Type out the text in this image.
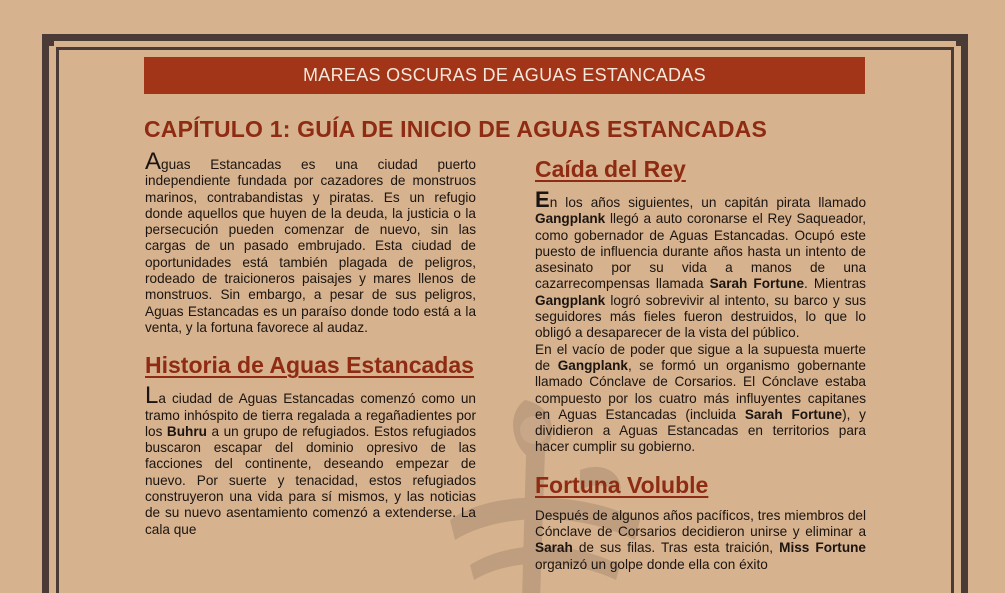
MAREAS OSCURAS DE AGUAS ESTANCADAS
CAPÍTULO 1: GUÍA DE INICIO DE AGUAS ESTANCADAS

Aguas Estancadas es una ciudad puerto independiente fundada por cazadores de monstruos marinos, contrabandistas y piratas. Es un refugio donde aquellos que huyen de la deuda, la justicia o la persecución pueden comenzar de nuevo, sin las cargas de un pasado embrujado. Esta ciudad de oportunidades está también plagada de peligros, rodeado de traicioneros paisajes y mares llenos de monstruos. Sin embargo, a pesar de sus peligros, Aguas Estancadas es un paraíso donde todo está a la venta, y la fortuna favorece al audaz.

Historia de Aguas Estancadas

La ciudad de Aguas Estancadas comenzó como un tramo inhóspito de tierra regalada a regañadientes por los Buhru a un grupo de refugiados. Estos refugiados buscaron escapar del dominio opresivo de las facciones del continente, deseando empezar de nuevo. Por suerte y tenacidad, estos refugiados construyeron una vida para sí mismos, y las noticias de su nuevo asentamiento comenzó a extenderse. La cala que

Caída del Rey

En los años siguientes, un capitán pirata llamado Gangplank llegó a auto coronarse el Rey Saqueador, como gobernador de Aguas Estancadas. Ocupó este puesto de influencia durante años hasta un intento de asesinato por su vida a manos de una cazarrecompensas llamada Sarah Fortune. Mientras Gangplank logró sobrevivir al intento, su barco y sus seguidores más fieles fueron destruidos, lo que lo obligó a desaparecer de la vista del público.

En el vacío de poder que sigue a la supuesta muerte de Gangplank, se formó un organismo gobernante llamado Cónclave de Corsarios. El Cónclave estaba compuesto por los cuatro más influyentes capitanes en Aguas Estancadas (incluida Sarah Fortune), y dividieron a Aguas Estancadas en territorios para hacer cumplir su gobierno.

Fortuna Voluble

Después de algunos años pacíficos, tres miembros del Cónclave de Corsarios decidieron unirse y eliminar a Sarah de sus filas. Tras esta traición, Miss Fortune organizó un golpe donde ella con éxito
